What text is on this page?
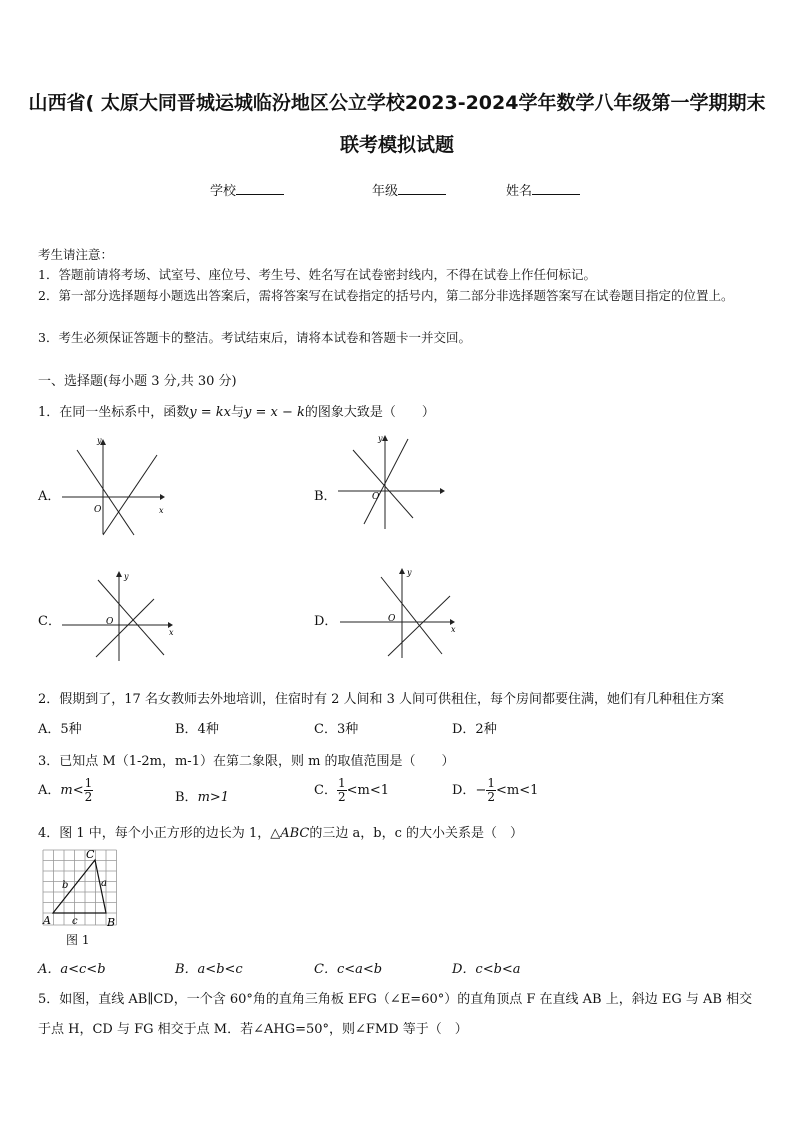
山西省( 太原大同晋城运城临汾地区公立学校2023-2024学年数学八年级第一学期期末
联考模拟试题
学校	年级	姓名
考生请注意：
1．答题前请将考场、试室号、座位号、考生号、姓名写在试卷密封线内，不得在试卷上作任何标记。
2．第一部分选择题每小题选出答案后，需将答案写在试卷指定的括号内，第二部分非选择题答案写在试卷题目指定的位置上。
3．考生必须保证答题卡的整洁。考试结束后，请将本试卷和答题卡一并交回。
一、选择题(每小题 3 分,共 30 分)
1．在同一坐标系中，函数y = kx与y = x − k的图象大致是（　　）
A．
y
x
O
B．
y
O
C．
y
x
O	D．
y
x
O
2．假期到了，17 名女教师去外地培训，住宿时有 2 人间和 3 人间可供租住，每个房间都要住满，她们有几种租住方案
A．5种	B．4种	C．3种	D．2种
3．已知点 M（1-2m，m-1）在第二象限，则 m 的取值范围是（　　）
A．$m< \frac{1}{2}$	B．m>1	C． $\frac{1}{2} <m<1$	D．− $\frac{1}{2} <m<1$
4．图 1 中，每个小正方形的边长为 1，△ABC的三边 a，b，c 的大小关系是（　）
A	B
C
a
b
c
图 1
A．a<c<b	B．a<b<c	C．c<a<b	D．c<b<a
5．如图，直线 AB∥CD，一个含 60°角的直角三角板 EFG（∠E=60°）的直角顶点 F 在直线 AB 上，斜边 EG 与 AB 相交
于点 H，CD 与 FG 相交于点 M．若∠AHG=50°，则∠FMD 等于（　）
